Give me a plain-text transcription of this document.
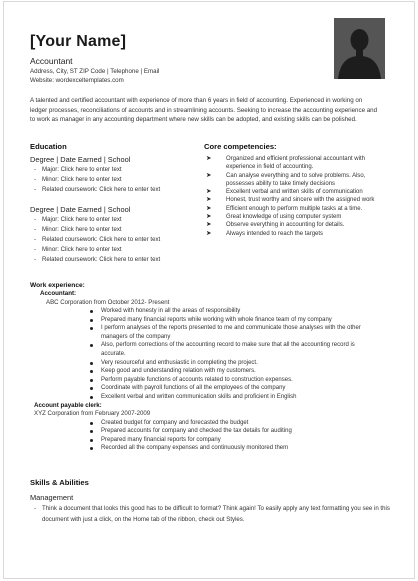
[Your Name]
Accountant
Address, City, ST ZIP Code | Telephone | Email
Website: wordexceltemplates.com
A talented and certified accountant with experience of more than 6 years in field of accounting. Experienced in working on ledger processes, reconciliations of accounts and in streamlining accounts. Seeking to increase the accounting experience and to work as manager in any accounting department where new skills can be adopted, and existing skills can be polished.
Education
Degree | Date Earned | School
- Major: Click here to enter text
- Minor: Click here to enter text
- Related coursework: Click here to enter text
Degree | Date Earned | School
- Major: Click here to enter text
- Minor: Click here to enter text
- Related coursework: Click here to enter text
- Minor: Click here to enter text
- Related coursework: Click here to enter text
Core competencies:
➤ Organized and efficient professional accountant with experience in field of accounting.
➤ Can analyse everything and to solve problems. Also, possesses ability to take timely decisions
➤ Excellent verbal and written skills of communication
➤ Honest, trust worthy and sincere with the assigned work
➤ Efficient enough to perform multiple tasks at a time.
➤ Great knowledge of using computer system
➤ Observe everything in accounting for details.
➤ Always intended to reach the targets
Work experience:
Accountant:
ABC Corporation from October 2012- Present
Worked with honesty in all the areas of responsibility
Prepared many financial reports while working with whole finance team of my company
I perform analyses of the reports presented to me and communicate those analyses with the other managers of the company
Also, perform corrections of the accounting record to make sure that all the accounting record is accurate.
Very resourceful and enthusiastic in completing the project.
Keep good and understanding relation with my customers.
Perform payable functions of accounts related to construction expenses.
Coordinate with payroll functions of all the employees of the company
Excellent verbal and written communication skills and proficient in English
Account payable clerk:
XYZ Corporation from February 2007-2009
Created budget for company and forecasted the budget
Prepared accounts for company and checked the tax details for auditing
Prepared many financial reports for company
Recorded all the company expenses and continuously monitored them
Skills & Abilities
Management
- Think a document that looks this good has to be difficult to format? Think again! To easily apply any text formatting you see in this document with just a click, on the Home tab of the ribbon, check out Styles.
